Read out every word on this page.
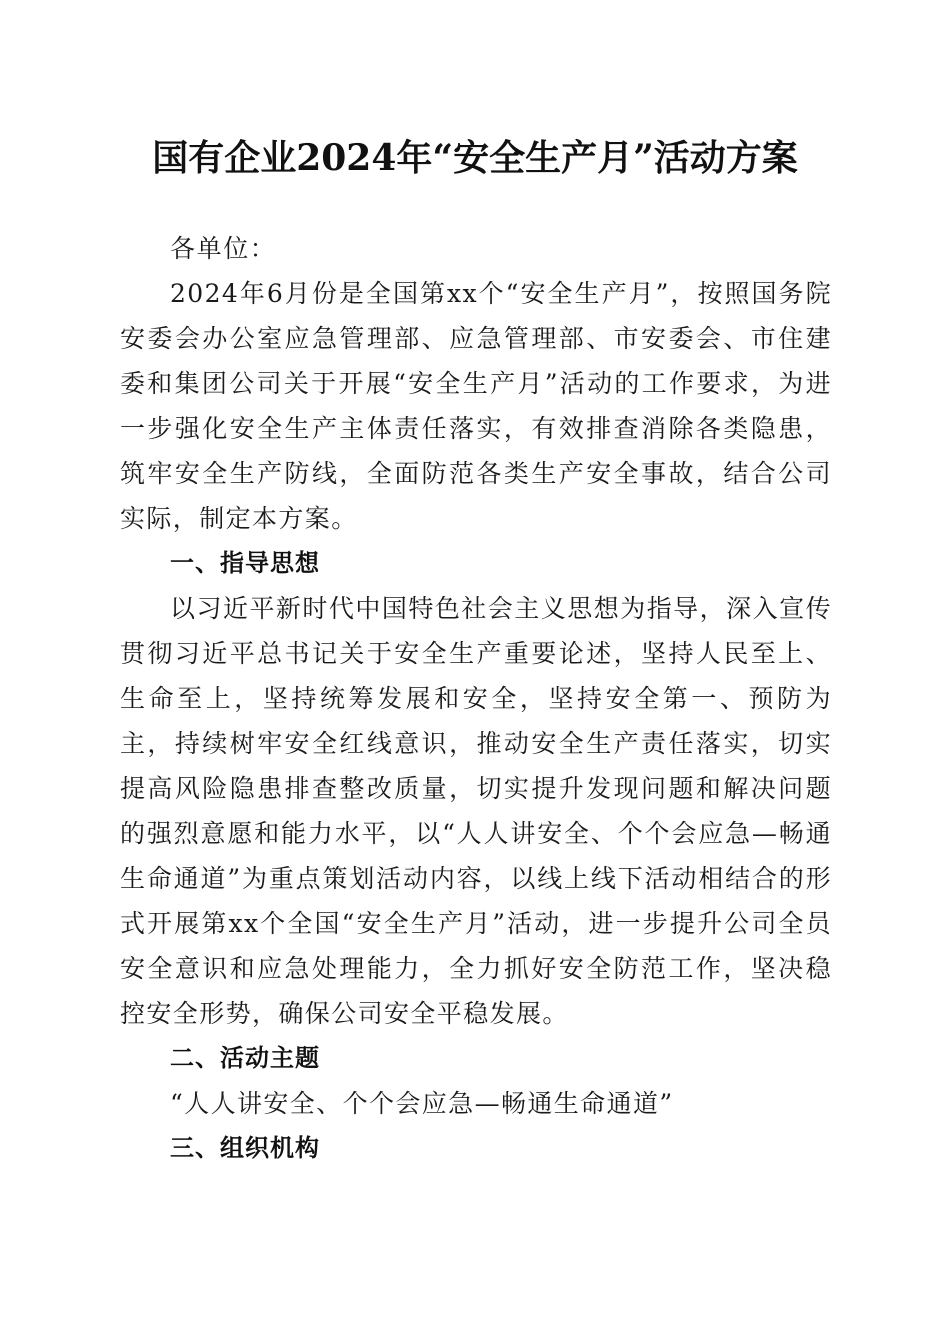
国有企业2024年“安全生产月”活动方案

各单位：

2024年6月份是全国第xx个“安全生产月”，按照国务院安委会办公室应急管理部、应急管理部、市安委会、市住建委和集团公司关于开展“安全生产月”活动的工作要求，为进一步强化安全生产主体责任落实，有效排查消除各类隐患，筑牢安全生产防线，全面防范各类生产安全事故，结合公司实际，制定本方案。

一、指导思想

以习近平新时代中国特色社会主义思想为指导，深入宣传贯彻习近平总书记关于安全生产重要论述，坚持人民至上、生命至上，坚持统筹发展和安全，坚持安全第一、预防为主，持续树牢安全红线意识，推动安全生产责任落实，切实提高风险隐患排查整改质量，切实提升发现问题和解决问题的强烈意愿和能力水平，以“人人讲安全、个个会应急—畅通生命通道”为重点策划活动内容，以线上线下活动相结合的形式开展第xx个全国“安全生产月”活动，进一步提升公司全员安全意识和应急处理能力，全力抓好安全防范工作，坚决稳控安全形势，确保公司安全平稳发展。

二、活动主题

“人人讲安全、个个会应急—畅通生命通道”

三、组织机构
